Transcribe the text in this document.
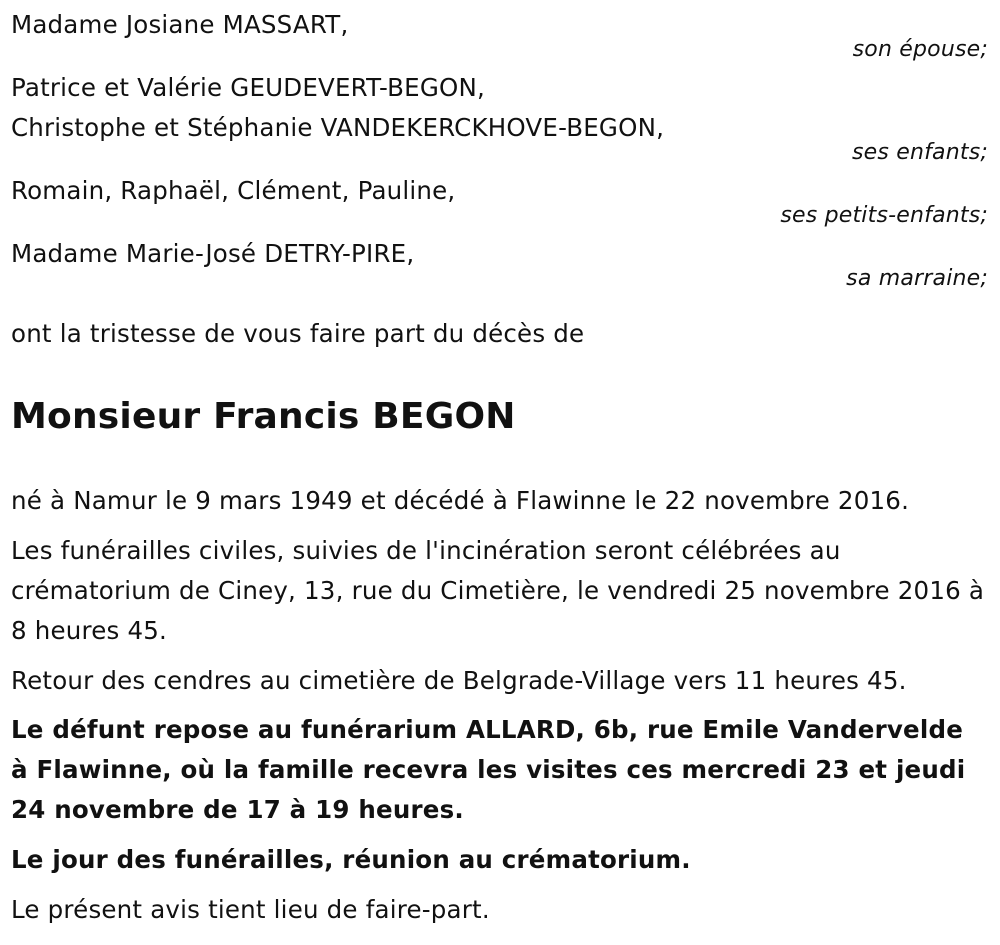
Madame Josiane MASSART,
son épouse;
Patrice et Valérie GEUDEVERT-BEGON,
Christophe et Stéphanie VANDEKERCKHOVE-BEGON,
ses enfants;
Romain, Raphaël, Clément, Pauline,
ses petits-enfants;
Madame Marie-José DETRY-PIRE,
sa marraine;
ont la tristesse de vous faire part du décès de
Monsieur Francis BEGON
né à Namur le 9 mars 1949 et décédé à Flawinne le 22 novembre 2016.
Les funérailles civiles, suivies de l'incinération seront célébrées au crématorium de Ciney, 13, rue du Cimetière, le vendredi 25 novembre 2016 à 8 heures 45.
Retour des cendres au cimetière de Belgrade-Village vers 11 heures 45.
Le défunt repose au funérarium ALLARD, 6b, rue Emile Vandervelde à Flawinne, où la famille recevra les visites ces mercredi 23 et jeudi 24 novembre de 17 à 19 heures.
Le jour des funérailles, réunion au crématorium.
Le présent avis tient lieu de faire-part.
